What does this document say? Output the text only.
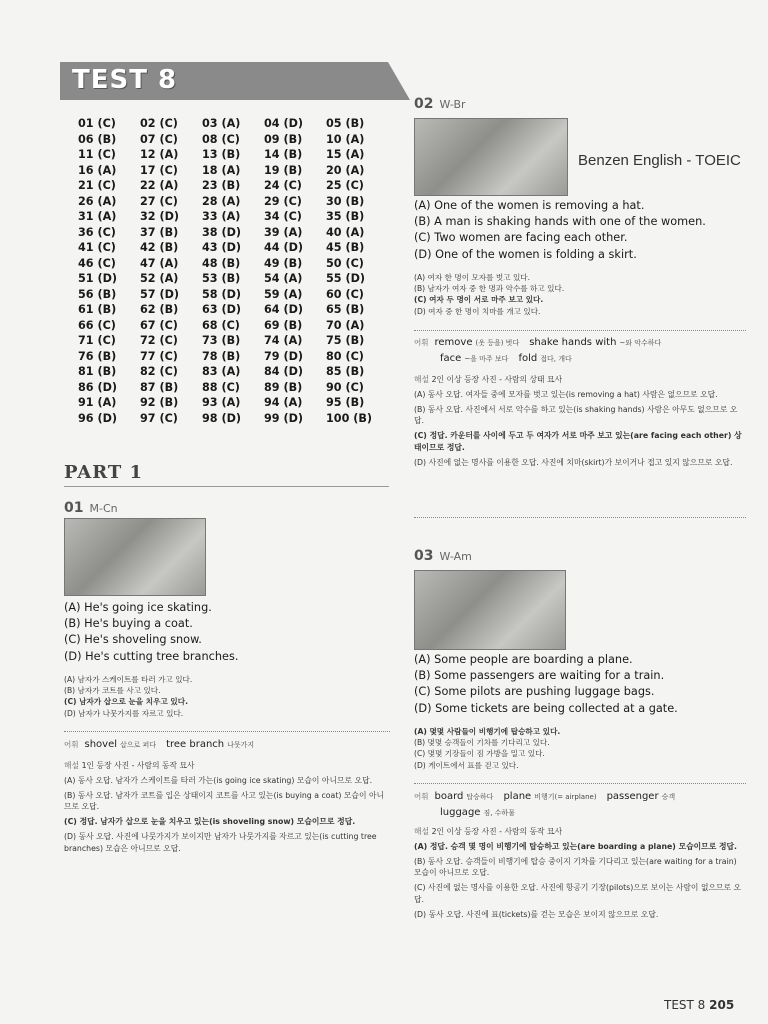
TEST 8
01 (C)	02 (C)	03 (A)	04 (D)	05 (B)
06 (B)	07 (C)	08 (C)	09 (B)	10 (A)
11 (C)	12 (A)	13 (B)	14 (B)	15 (A)
16 (A)	17 (C)	18 (A)	19 (B)	20 (A)
21 (C)	22 (A)	23 (B)	24 (C)	25 (C)
26 (A)	27 (C)	28 (A)	29 (C)	30 (B)
31 (A)	32 (D)	33 (A)	34 (C)	35 (B)
36 (C)	37 (B)	38 (D)	39 (A)	40 (A)
41 (C)	42 (B)	43 (D)	44 (D)	45 (B)
46 (C)	47 (A)	48 (B)	49 (B)	50 (C)
51 (D)	52 (A)	53 (B)	54 (A)	55 (D)
56 (B)	57 (D)	58 (D)	59 (A)	60 (C)
61 (B)	62 (B)	63 (D)	64 (D)	65 (B)
66 (C)	67 (C)	68 (C)	69 (B)	70 (A)
71 (C)	72 (C)	73 (B)	74 (A)	75 (B)
76 (B)	77 (C)	78 (B)	79 (D)	80 (C)
81 (B)	82 (C)	83 (A)	84 (D)	85 (B)
86 (D)	87 (B)	88 (C)	89 (B)	90 (C)
91 (A)	92 (B)	93 (A)	94 (A)	95 (B)
96 (D)	97 (C)	98 (D)	99 (D)	100 (B)
PART 1
01 M-Cn
(A) He's going ice skating.
(B) He's buying a coat.
(C) He's shoveling snow.
(D) He's cutting tree branches.
(A) 남자가 스케이트를 타러 가고 있다.
(B) 남자가 코트를 사고 있다.
(C) 남자가 삽으로 눈을 치우고 있다.
(D) 남자가 나뭇가지를 자르고 있다.
어휘 shovel 삽으로 퍼다 tree branch 나뭇가지

해설 1인 등장 사진 - 사람의 동작 묘사

(A) 동사 오답. 남자가 스케이트를 타러 가는(is going ice skating) 모습이 아니므로 오답.

(B) 동사 오답. 남자가 코트를 입은 상태이지 코트를 사고 있는(is buying a coat) 모습이 아니므로 오답.

(C) 정답. 남자가 삽으로 눈을 치우고 있는(is shoveling snow) 모습이므로 정답.

(D) 동사 오답. 사진에 나뭇가지가 보이지만 남자가 나뭇가지를 자르고 있는(is cutting tree branches) 모습은 아니므로 오답.

02 W-Br
Benzen English - TOEIC
(A) One of the women is removing a hat.
(B) A man is shaking hands with one of the women.
(C) Two women are facing each other.
(D) One of the women is folding a skirt.
(A) 여자 한 명이 모자를 벗고 있다.
(B) 남자가 여자 중 한 명과 악수를 하고 있다.
(C) 여자 두 명이 서로 마주 보고 있다.
(D) 여자 중 한 명이 치마를 개고 있다.
어휘 remove (옷 등을) 벗다 shake hands with ~와 악수하다
face ~을 마주 보다 fold 접다, 개다

해설 2인 이상 등장 사진 - 사람의 상태 묘사

(A) 동사 오답. 여자들 중에 모자를 벗고 있는(is removing a hat) 사람은 없으므로 오답.

(B) 동사 오답. 사진에서 서로 악수를 하고 있는(is shaking hands) 사람은 아무도 없으므로 오답.

(C) 정답. 카운터를 사이에 두고 두 여자가 서로 마주 보고 있는(are facing each other) 상태이므로 정답.

(D) 사진에 없는 명사를 이용한 오답. 사진에 치마(skirt)가 보이거나 접고 있지 않으므로 오답.

03 W-Am
(A) Some people are boarding a plane.
(B) Some passengers are waiting for a train.
(C) Some pilots are pushing luggage bags.
(D) Some tickets are being collected at a gate.
(A) 몇몇 사람들이 비행기에 탑승하고 있다.
(B) 몇몇 승객들이 기차를 기다리고 있다.
(C) 몇몇 기장들이 짐 가방을 밀고 있다.
(D) 게이트에서 표를 걷고 있다.
어휘 board 탑승하다 plane 비행기(= airplane) passenger 승객
luggage 짐, 수하물

해설 2인 이상 등장 사진 - 사람의 동작 묘사

(A) 정답. 승객 몇 명이 비행기에 탑승하고 있는(are boarding a plane) 모습이므로 정답.

(B) 동사 오답. 승객들이 비행기에 탑승 중이지 기차를 기다리고 있는(are waiting for a train) 모습이 아니므로 오답.

(C) 사진에 없는 명사를 이용한 오답. 사진에 항공기 기장(pilots)으로 보이는 사람이 없으므로 오답.

(D) 동사 오답. 사진에 표(tickets)를 걷는 모습은 보이지 않으므로 오답.

TEST 8 205
